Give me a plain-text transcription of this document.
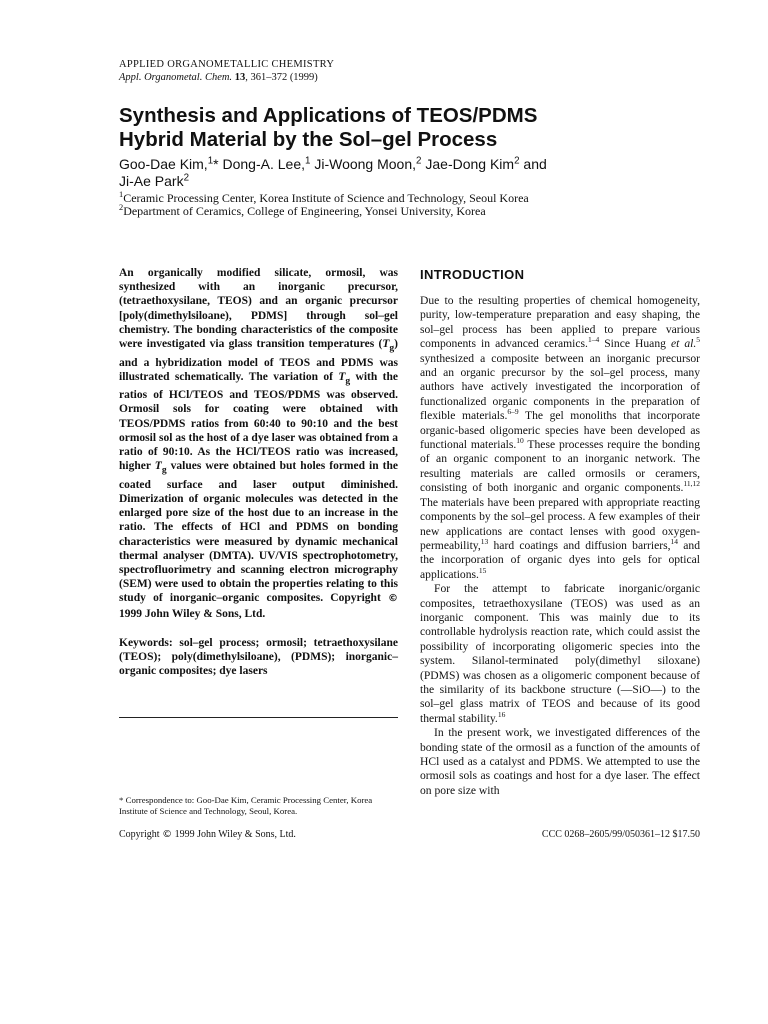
APPLIED ORGANOMETALLIC CHEMISTRY
Appl. Organometal. Chem. 13, 361–372 (1999)
Synthesis and Applications of TEOS/PDMS
Hybrid Material by the Sol–gel Process
Goo-Dae Kim,$^1$* Dong-A. Lee,$^1$ Ji-Woong Moon,$^2$ Jae-Dong Kim$^2$ and
Ji-Ae Park$^2$
$^1$Ceramic Processing Center, Korea Institute of Science and Technology, Seoul Korea
$^2$Department of Ceramics, College of Engineering, Yonsei University, Korea

An organically modified silicate, ormosil, was synthesized with an inorganic precursor, (tetraethoxysilane, TEOS) and an organic precursor [poly(dimethylsiloane), PDMS] through sol–gel chemistry. The bonding characteristics of the composite were investigated via glass transition temperatures $(T_g)$ and a hybridization model of TEOS and PDMS was illustrated schematically. The variation of $T_g$ with the ratios of HCl/TEOS and TEOS/PDMS was observed. Ormosil sols for coating were obtained with TEOS/PDMS ratios from 60:40 to 90:10 and the best ormosil sol as the host of a dye laser was obtained from a ratio of 90:10. As the HCl/TEOS ratio was increased, higher $T_g$ values were obtained but holes formed in the coated surface and laser output diminished. Dimerization of organic molecules was detected in the enlarged pore size of the host due to an increase in the ratio. The effects of HCl and PDMS on bonding characteristics were measured by dynamic mechanical thermal analyser (DMTA). UV/VIS spectrophotometry, spectrofluorimetry and scanning electron micrography (SEM) were used to obtain the properties relating to this study of inorganic–organic composites. Copyright © 1999 John Wiley & Sons, Ltd.

Keywords: sol–gel process; ormosil; tetraethoxysilane (TEOS); poly(dimethylsiloane), (PDMS); inorganic–organic composites; dye lasers
* Correspondence to: Goo-Dae Kim, Ceramic Processing Center, Korea Institute of Science and Technology, Seoul, Korea.
Copyright © 1999 John Wiley & Sons, Ltd.	CCC 0268–2605/99/050361–12 $17.50
INTRODUCTION

Due to the resulting properties of chemical homogeneity, purity, low-temperature preparation and easy shaping, the sol–gel process has been applied to prepare various components in advanced ceramics.$^{1-4}$ Since Huang et al.$^5$ synthesized a composite between an inorganic precursor and an organic precursor by the sol–gel process, many authors have actively investigated the incorporation of functionalized organic components in the preparation of flexible materials.$^{6-9}$ The gel monoliths that incorporate organic-based oligomeric species have been developed as functional materials.$^{10}$ These processes require the bonding of an organic component to an inorganic network. The resulting materials are called ormosils or ceramers, consisting of both inorganic and organic components.$^{11,12}$ The materials have been prepared with appropriate reacting components by the sol–gel process. A few examples of their new applications are contact lenses with good oxygen-permeability,$^{13}$ hard coatings and diffusion barriers,$^{14}$ and the incorporation of organic dyes into gels for optical applications.$^{15}$

For the attempt to fabricate inorganic/organic composites, tetraethoxysilane (TEOS) was used as an inorganic component. This was mainly due to its controllable hydrolysis reaction rate, which could assist the possibility of incorporating oligomeric species into the system. Silanol-terminated poly(dimethyl siloxane) (PDMS) was chosen as a oligomeric component because of the similarity of its backbone structure (—SiO—) to the sol–gel glass matrix of TEOS and because of its good thermal stability.$^{16}$

In the present work, we investigated differences of the bonding state of the ormosil as a function of the amounts of HCl used as a catalyst and PDMS. We attempted to use the ormosil sols as coatings and host for a dye laser. The effect on pore size with
